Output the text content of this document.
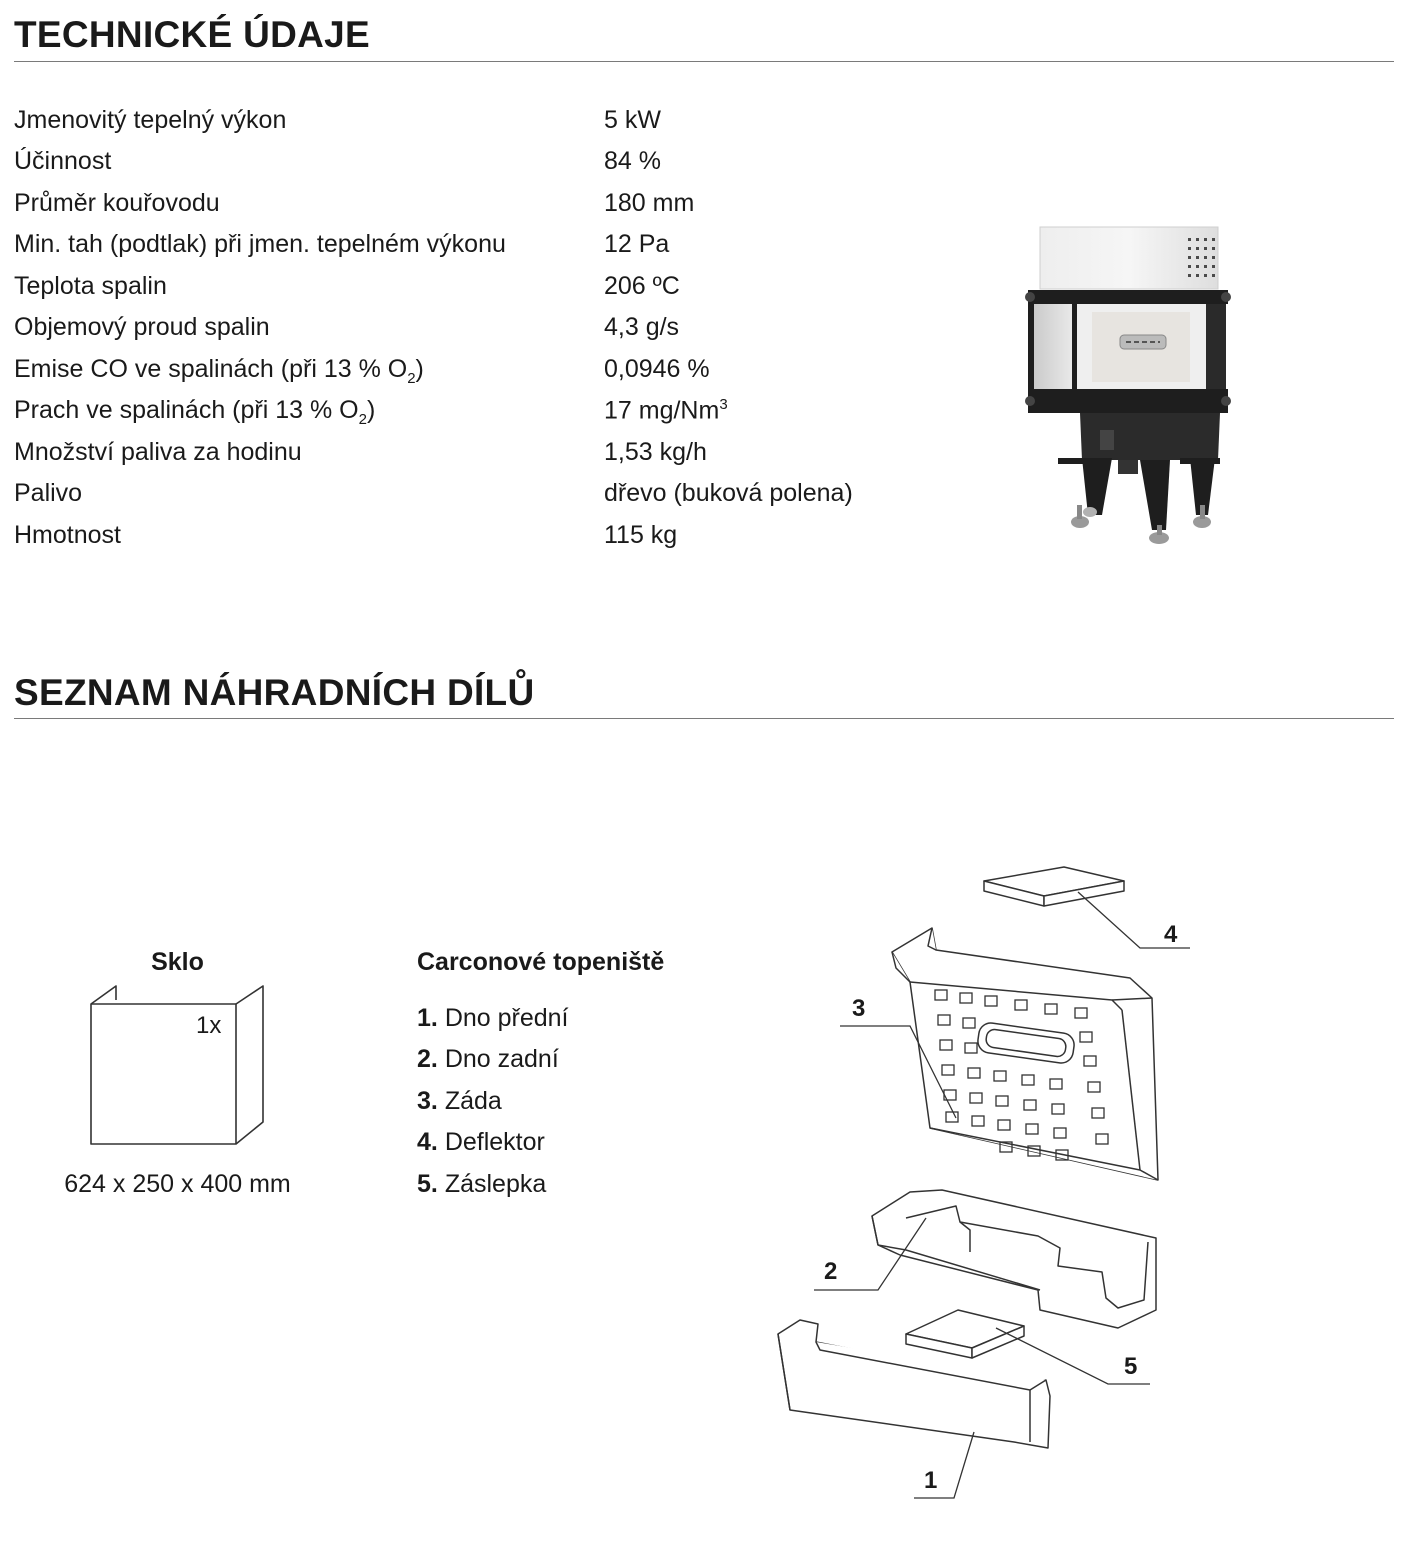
TECHNICKÉ ÚDAJE
Jmenovitý tepelný výkon	5 kW
Účinnost	84 %
Průměr kouřovodu	180 mm
Min. tah (podtlak) při jmen. tepelném výkonu	12 Pa
Teplota spalin	206 ºC
Objemový proud spalin	4,3 g/s
Emise CO ve spalinách (při 13 % $O_2$)	0,0946 %
Prach ve spalinách (při 13 % $O_2$)	17 mg/Nm$^3$
Množství paliva za hodinu	1,53 kg/h
Palivo	dřevo (buková polena)
Hmotnost	115 kg
SEZNAM NÁHRADNÍCH DÍLŮ
Sklo
1x
624 x 250 x 400 mm
Carconové topeniště
1. Dno přední
2. Dno zadní
3. Záda
4. Deflektor
5. Záslepka
4
3
2
5
1
